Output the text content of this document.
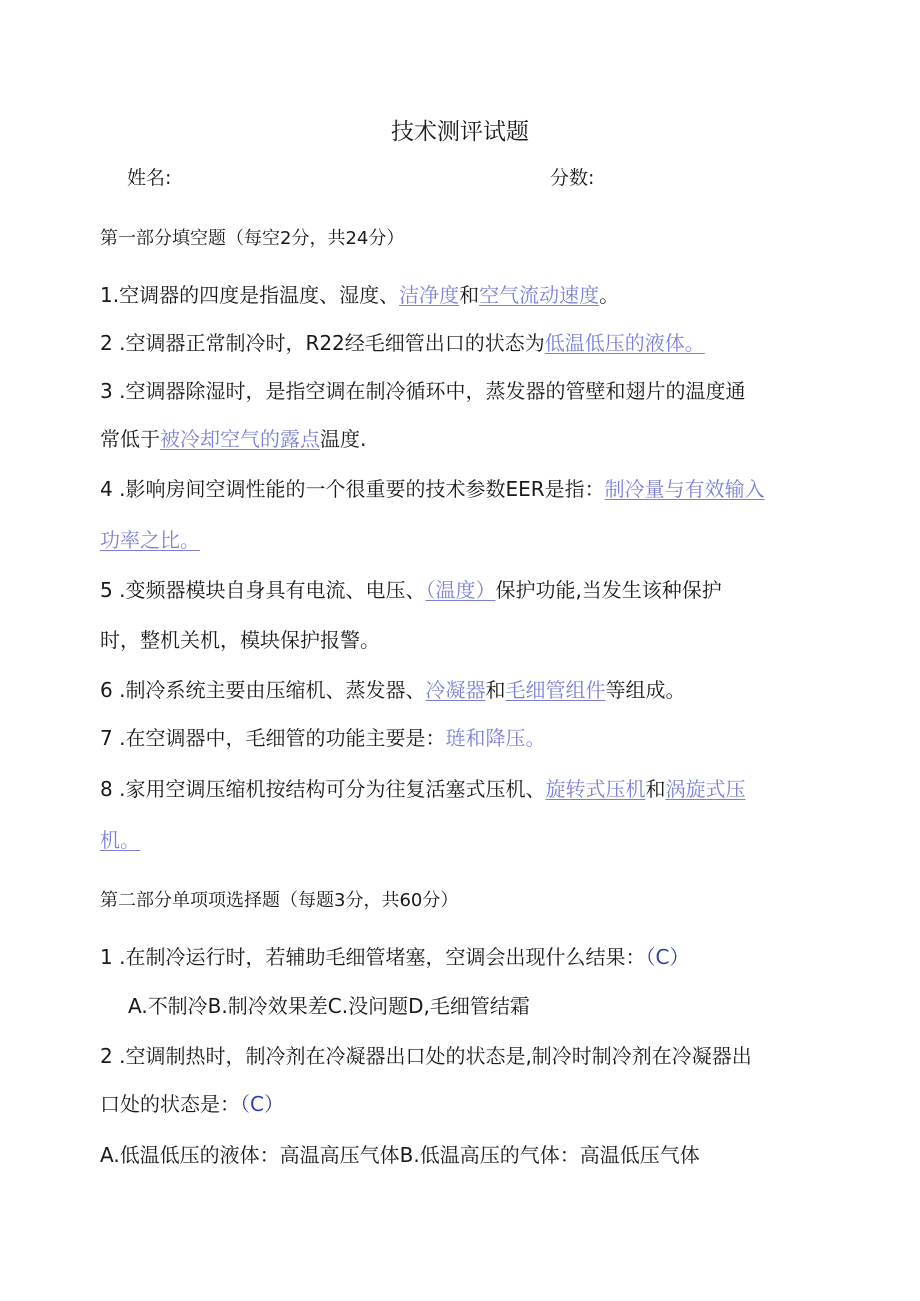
技术测评试题
姓名:	分数:
第一部分填空题（每空2分，共24分）
1.空调器的四度是指温度、湿度、洁净度和空气流动速度。
2 .空调器正常制冷时，R22经毛细管出口的状态为低温低压的液体。
3 .空调器除湿时，是指空调在制冷循环中，蒸发器的管壁和翅片的温度通
常低于被冷却空气的露点温度.
4 .影响房间空调性能的一个很重要的技术参数EER是指：制冷量与有效输入
功率之比。
5 .变频器模块自身具有电流、电压、（温度）保护功能,当发生该种保护
时，整机关机，模块保护报警。
6 .制冷系统主要由压缩机、蒸发器、冷凝器和毛细管组件等组成。
7 .在空调器中，毛细管的功能主要是：琏和降压。
8 .家用空调压缩机按结构可分为往复活塞式压机、旋转式压机和涡旋式压
机。
第二部分单项项选择题（每题3分，共60分）
1 .在制冷运行时，若辅助毛细管堵塞，空调会出现什么结果：（C）
A.不制冷B.制冷效果差C.没问题D,毛细管结霜
2 .空调制热时，制冷剂在冷凝器出口处的状态是,制冷时制冷剂在冷凝器出
口处的状态是：（C）
A.低温低压的液体：高温高压气体B.低温高压的气体：高温低压气体
